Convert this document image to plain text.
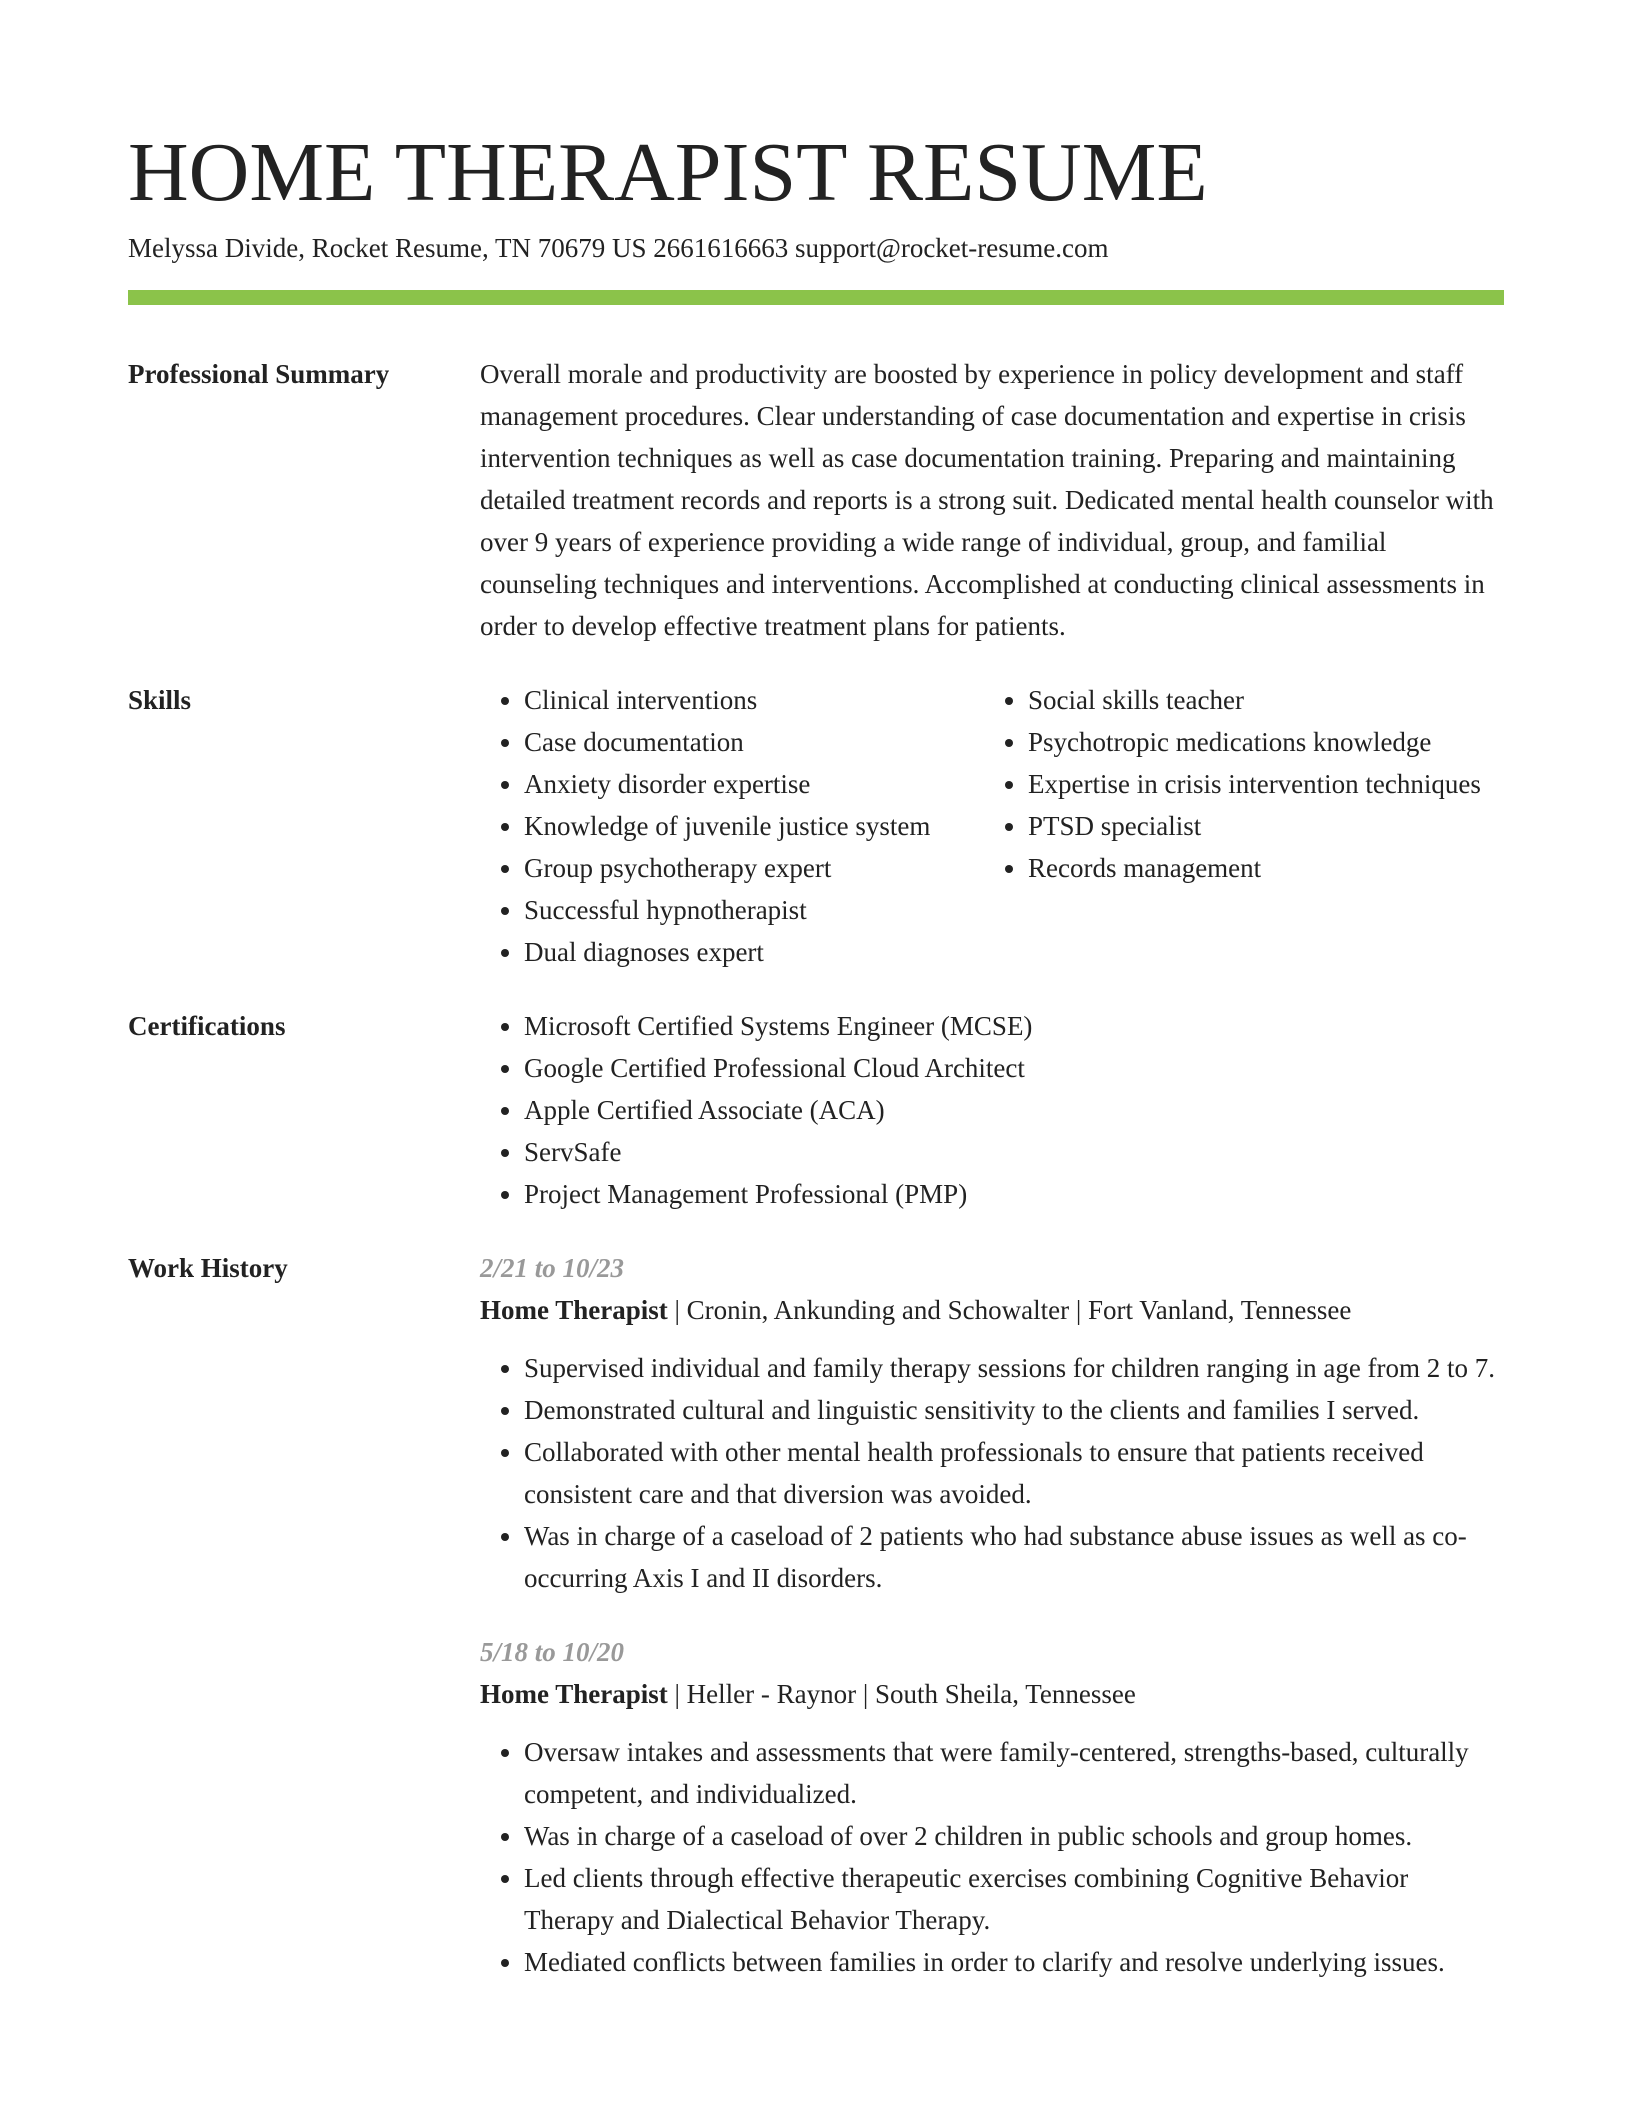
HOME THERAPIST RESUME
Melyssa Divide, Rocket Resume, TN 70679 US 2661616663 support@rocket-resume.com
Professional Summary	Overall morale and productivity are boosted by experience in policy development and staff management procedures. Clear understanding of case documentation and expertise in crisis intervention techniques as well as case documentation training. Preparing and maintaining detailed treatment records and reports is a strong suit. Dedicated mental health counselor with over 9 years of experience providing a wide range of individual, group, and familial counseling techniques and interventions. Accomplished at conducting clinical assessments in order to develop effective treatment plans for patients.
Skills	• Clinical interventions
• Case documentation
• Anxiety disorder expertise
• Knowledge of juvenile justice system
• Group psychotherapy expert
• Successful hypnotherapist
• Dual diagnoses expert
• Social skills teacher
• Psychotropic medications knowledge
• Expertise in crisis intervention techniques
• PTSD specialist
• Records management
Certifications	• Microsoft Certified Systems Engineer (MCSE)
• Google Certified Professional Cloud Architect
• Apple Certified Associate (ACA)
• ServSafe
• Project Management Professional (PMP)
Work History	2/21 to 10/23
Home Therapist | Cronin, Ankunding and Schowalter | Fort Vanland, Tennessee
• Supervised individual and family therapy sessions for children ranging in age from 2 to 7.
• Demonstrated cultural and linguistic sensitivity to the clients and families I served.
• Collaborated with other mental health professionals to ensure that patients received consistent care and that diversion was avoided.
• Was in charge of a caseload of 2 patients who had substance abuse issues as well as co-occurring Axis I and II disorders.
5/18 to 10/20
Home Therapist | Heller - Raynor | South Sheila, Tennessee
• Oversaw intakes and assessments that were family-centered, strengths-based, culturally competent, and individualized.
• Was in charge of a caseload of over 2 children in public schools and group homes.
• Led clients through effective therapeutic exercises combining Cognitive Behavior Therapy and Dialectical Behavior Therapy.
• Mediated conflicts between families in order to clarify and resolve underlying issues.
